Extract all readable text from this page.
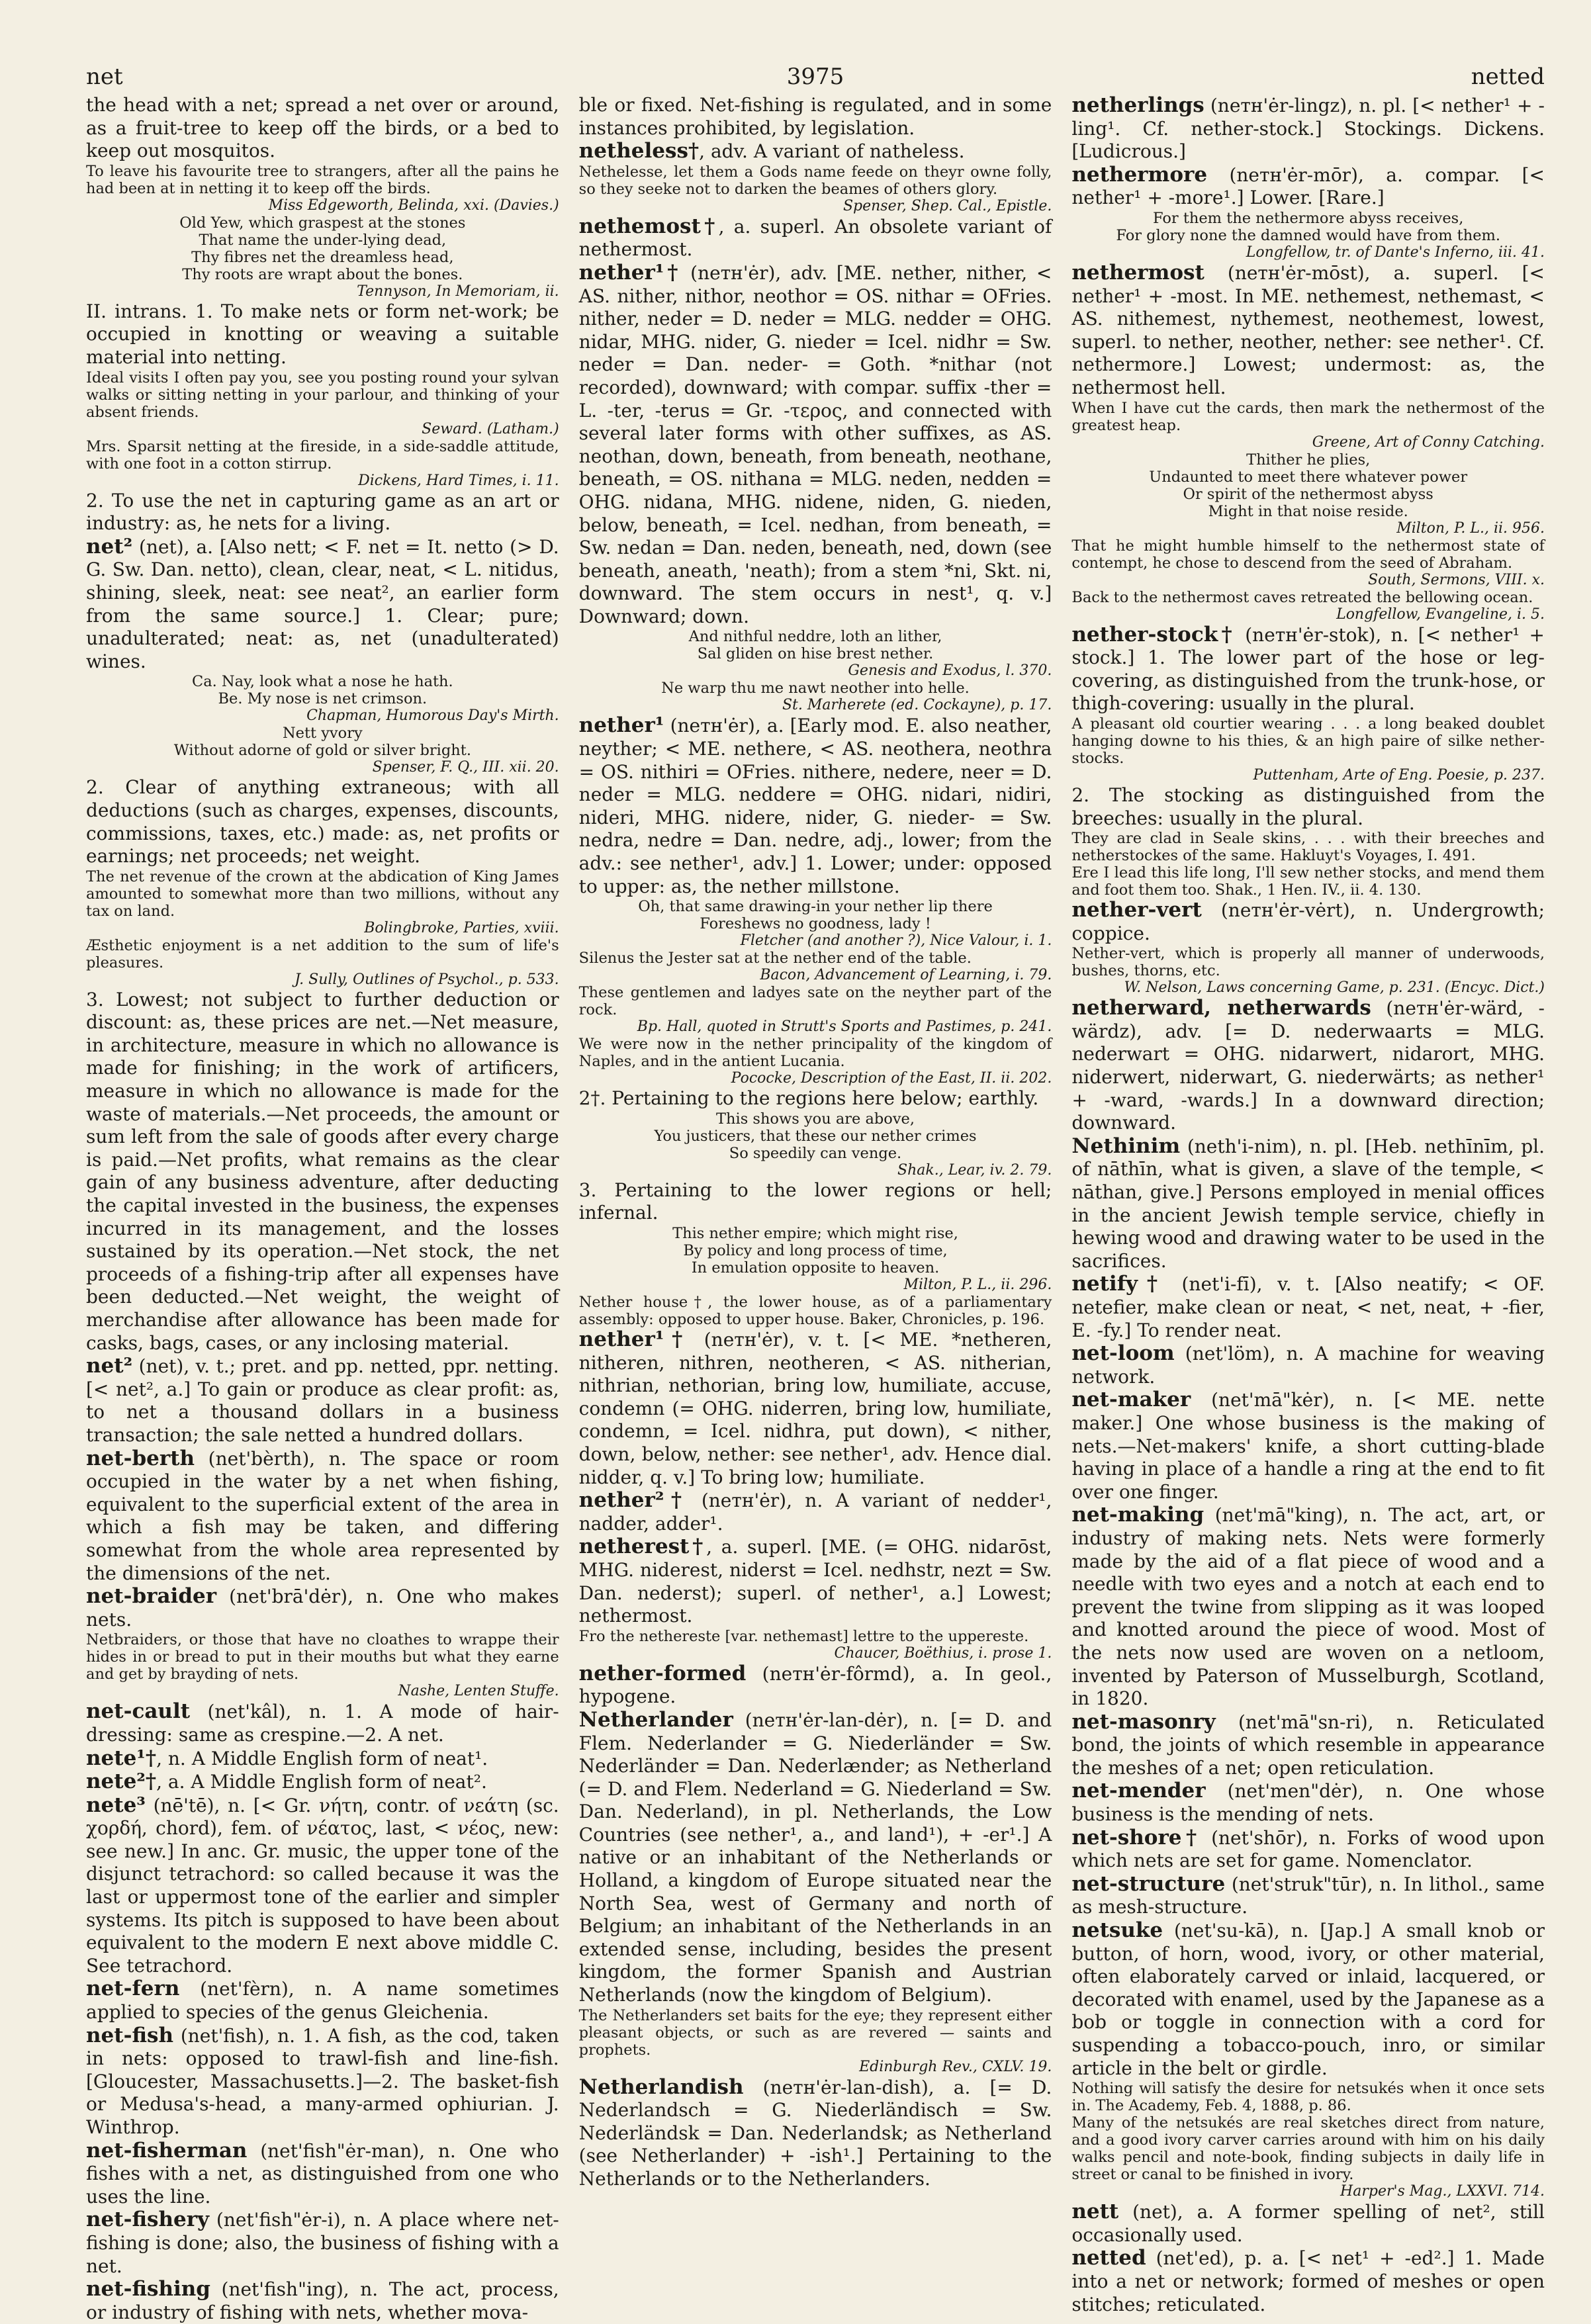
net	3975	netted

the head with a net; spread a net over or around, as a fruit-tree to keep off the birds, or a bed to keep out mosquitos.

To leave his favourite tree to strangers, after all the pains he had been at in netting it to keep off the birds.

Miss Edgeworth, Belinda, xxi. (Davies.)

Old Yew, which graspest at the stones

That name the under-lying dead,

Thy fibres net the dreamless head,

Thy roots are wrapt about the bones.

Tennyson, In Memoriam, ii.

II. intrans. 1. To make nets or form net-work; be occupied in knotting or weaving a suitable material into netting.

Ideal visits I often pay you, see you posting round your sylvan walks or sitting netting in your parlour, and thinking of your absent friends.

Seward. (Latham.)

Mrs. Sparsit netting at the fireside, in a side-saddle attitude, with one foot in a cotton stirrup.

Dickens, Hard Times, i. 11.

2. To use the net in capturing game as an art or industry: as, he nets for a living.

net² (net), a. [Also nett; < F. net = It. netto (> D. G. Sw. Dan. netto), clean, clear, neat, < L. nitidus, shining, sleek, neat: see neat², an earlier form from the same source.] 1. Clear; pure; unadulterated; neat: as, net (unadulterated) wines.

Ca. Nay, look what a nose he hath.

Be. My nose is net crimson.

Chapman, Humorous Day's Mirth.

Nett yvory

Without adorne of gold or silver bright.

Spenser, F. Q., III. xii. 20.

2. Clear of anything extraneous; with all deductions (such as charges, expenses, discounts, commissions, taxes, etc.) made: as, net profits or earnings; net proceeds; net weight.

The net revenue of the crown at the abdication of King James amounted to somewhat more than two millions, without any tax on land.

Bolingbroke, Parties, xviii.

Æsthetic enjoyment is a net addition to the sum of life's pleasures.

J. Sully, Outlines of Psychol., p. 533.

3. Lowest; not subject to further deduction or discount: as, these prices are net.—Net measure, in architecture, measure in which no allowance is made for finishing; in the work of artificers, measure in which no allowance is made for the waste of materials.—Net proceeds, the amount or sum left from the sale of goods after every charge is paid.—Net profits, what remains as the clear gain of any business adventure, after deducting the capital invested in the business, the expenses incurred in its management, and the losses sustained by its operation.—Net stock, the net proceeds of a fishing-trip after all expenses have been deducted.—Net weight, the weight of merchandise after allowance has been made for casks, bags, cases, or any inclosing material.

net² (net), v. t.; pret. and pp. netted, ppr. netting. [< net², a.] To gain or produce as clear profit: as, to net a thousand dollars in a business transaction; the sale netted a hundred dollars.

net-berth (net'bèrth), n. The space or room occupied in the water by a net when fishing, equivalent to the superficial extent of the area in which a fish may be taken, and differing somewhat from the whole area represented by the dimensions of the net.

net-braider (net'brā'dėr), n. One who makes nets.

Netbraiders, or those that have no cloathes to wrappe their hides in or bread to put in their mouths but what they earne and get by brayding of nets.

Nashe, Lenten Stuffe.

net-cault (net'kâl), n. 1. A mode of hair-dressing: same as crespine.—2. A net.

nete¹†, n. A Middle English form of neat¹.

nete²†, a. A Middle English form of neat².

nete³ (nē'tē), n. [< Gr. νήτη, contr. of νεάτη (sc. χορδή, chord), fem. of νέατος, last, < νέος, new: see new.] In anc. Gr. music, the upper tone of the disjunct tetrachord: so called because it was the last or uppermost tone of the earlier and simpler systems. Its pitch is supposed to have been about equivalent to the modern E next above middle C. See tetrachord.

net-fern (net'fèrn), n. A name sometimes applied to species of the genus Gleichenia.

net-fish (net'fish), n. 1. A fish, as the cod, taken in nets: opposed to trawl-fish and line-fish. [Gloucester, Massachusetts.]—2. The basket-fish or Medusa's-head, a many-armed ophiurian. J. Winthrop.

net-fisherman (net'fish"ėr-man), n. One who fishes with a net, as distinguished from one who uses the line.

net-fishery (net'fish"ėr-i), n. A place where net-fishing is done; also, the business of fishing with a net.

net-fishing (net'fish"ing), n. The act, process, or industry of fishing with nets, whether mova-

ble or fixed. Net-fishing is regulated, and in some instances prohibited, by legislation.

netheless†, adv. A variant of natheless.

Nethelesse, let them a Gods name feede on theyr owne folly, so they seeke not to darken the beames of others glory.

Spenser, Shep. Cal., Epistle.

nethemost†, a. superl. An obsolete variant of nethermost.

nether¹† (neᴛʜ'ėr), adv. [ME. nether, nither, < AS. nither, nithor, neothor = OS. nithar = OFries. nither, neder = D. neder = MLG. nedder = OHG. nidar, MHG. nider, G. nieder = Icel. nidhr = Sw. neder = Dan. neder- = Goth. *nithar (not recorded), downward; with compar. suffix -ther = L. -ter, -terus = Gr. -τερος, and connected with several later forms with other suffixes, as AS. neothan, down, beneath, from beneath, neothane, beneath, = OS. nithana = MLG. neden, nedden = OHG. nidana, MHG. nidene, niden, G. nieden, below, beneath, = Icel. nedhan, from beneath, = Sw. nedan = Dan. neden, beneath, ned, down (see beneath, aneath, 'neath); from a stem *ni, Skt. ni, downward. The stem occurs in nest¹, q. v.] Downward; down.

And nithful neddre, loth an lither,

Sal gliden on hise brest nether.

Genesis and Exodus, l. 370.

Ne warp thu me nawt neother into helle.

St. Marherete (ed. Cockayne), p. 17.

nether¹ (neᴛʜ'ėr), a. [Early mod. E. also neather, neyther; < ME. nethere, < AS. neothera, neothra = OS. nithiri = OFries. nithere, nedere, neer = D. neder = MLG. neddere = OHG. nidari, nidiri, nideri, MHG. nidere, nider, G. nieder- = Sw. nedra, nedre = Dan. nedre, adj., lower; from the adv.: see nether¹, adv.] 1. Lower; under: opposed to upper: as, the nether millstone.

Oh, that same drawing-in your nether lip there

Foreshews no goodness, lady !

Fletcher (and another ?), Nice Valour, i. 1.

Silenus the Jester sat at the nether end of the table.

Bacon, Advancement of Learning, i. 79.

These gentlemen and ladyes sate on the neyther part of the rock.

Bp. Hall, quoted in Strutt's Sports and Pastimes, p. 241.

We were now in the nether principality of the kingdom of Naples, and in the antient Lucania.

Pococke, Description of the East, II. ii. 202.

2†. Pertaining to the regions here below; earthly.

This shows you are above,

You justicers, that these our nether crimes

So speedily can venge.

Shak., Lear, iv. 2. 79.

3. Pertaining to the lower regions or hell; infernal.

This nether empire; which might rise,

By policy and long process of time,

In emulation opposite to heaven.

Milton, P. L., ii. 296.

Nether house†, the lower house, as of a parliamentary assembly: opposed to upper house. Baker, Chronicles, p. 196.

nether¹† (neᴛʜ'ėr), v. t. [< ME. *netheren, nitheren, nithren, neotheren, < AS. nitherian, nithrian, nethorian, bring low, humiliate, accuse, condemn (= OHG. niderren, bring low, humiliate, condemn, = Icel. nidhra, put down), < nither, down, below, nether: see nether¹, adv. Hence dial. nidder, q. v.] To bring low; humiliate.

nether²† (neᴛʜ'ėr), n. A variant of nedder¹, nadder, adder¹.

netherest†, a. superl. [ME. (= OHG. nidarōst, MHG. niderest, niderst = Icel. nedhstr, nezt = Sw. Dan. nederst); superl. of nether¹, a.] Lowest; nethermost.

Fro the nethereste [var. nethemast] lettre to the uppereste.

Chaucer, Boëthius, i. prose 1.

nether-formed (neᴛʜ'ėr-fôrmd), a. In geol., hypogene.

Netherlander (neᴛʜ'ėr-lan-dėr), n. [= D. and Flem. Nederlander = G. Niederländer = Sw. Nederländer = Dan. Nederlænder; as Netherland (= D. and Flem. Nederland = G. Niederland = Sw. Dan. Nederland), in pl. Netherlands, the Low Countries (see nether¹, a., and land¹), + -er¹.] A native or an inhabitant of the Netherlands or Holland, a kingdom of Europe situated near the North Sea, west of Germany and north of Belgium; an inhabitant of the Netherlands in an extended sense, including, besides the present kingdom, the former Spanish and Austrian Netherlands (now the kingdom of Belgium).

The Netherlanders set baits for the eye; they represent either pleasant objects, or such as are revered — saints and prophets.

Edinburgh Rev., CXLV. 19.

Netherlandish (neᴛʜ'ėr-lan-dish), a. [= D. Nederlandsch = G. Niederländisch = Sw. Nederländsk = Dan. Nederlandsk; as Netherland (see Netherlander) + -ish¹.] Pertaining to the Netherlands or to the Netherlanders.

netherlings (neᴛʜ'ėr-lingz), n. pl. [< nether¹ + -ling¹. Cf. nether-stock.] Stockings. Dickens. [Ludicrous.]

nethermore (neᴛʜ'ėr-mōr), a. compar. [< nether¹ + -more¹.] Lower. [Rare.]

For them the nethermore abyss receives,

For glory none the damned would have from them.

Longfellow, tr. of Dante's Inferno, iii. 41.

nethermost (neᴛʜ'ėr-mōst), a. superl. [< nether¹ + -most. In ME. nethemest, nethemast, < AS. nithemest, nythemest, neothemest, lowest, superl. to nether, neother, nether: see nether¹. Cf. nethermore.] Lowest; undermost: as, the nethermost hell.

When I have cut the cards, then mark the nethermost of the greatest heap.

Greene, Art of Conny Catching.

Thither he plies,

Undaunted to meet there whatever power

Or spirit of the nethermost abyss

Might in that noise reside.

Milton, P. L., ii. 956.

That he might humble himself to the nethermost state of contempt, he chose to descend from the seed of Abraham.

South, Sermons, VIII. x.

Back to the nethermost caves retreated the bellowing ocean.

Longfellow, Evangeline, i. 5.

nether-stock† (neᴛʜ'ėr-stok), n. [< nether¹ + stock.] 1. The lower part of the hose or leg-covering, as distinguished from the trunk-hose, or thigh-covering: usually in the plural.

A pleasant old courtier wearing . . . a long beaked doublet hanging downe to his thies, & an high paire of silke nether-stocks.

Puttenham, Arte of Eng. Poesie, p. 237.

2. The stocking as distinguished from the breeches: usually in the plural.

They are clad in Seale skins, . . . with their breeches and netherstockes of the same. Hakluyt's Voyages, I. 491.

Ere I lead this life long, I'll sew nether stocks, and mend them and foot them too. Shak., 1 Hen. IV., ii. 4. 130.

nether-vert (neᴛʜ'ėr-vėrt), n. Undergrowth; coppice.

Nether-vert, which is properly all manner of underwoods, bushes, thorns, etc.

W. Nelson, Laws concerning Game, p. 231. (Encyc. Dict.)

netherward, netherwards (neᴛʜ'ėr-wärd, -wärdz), adv. [= D. nederwaarts = MLG. nederwart = OHG. nidarwert, nidarort, MHG. niderwert, niderwart, G. niederwärts; as nether¹ + -ward, -wards.] In a downward direction; downward.

Nethinim (neth'i-nim), n. pl. [Heb. nethīnīm, pl. of nāthīn, what is given, a slave of the temple, < nāthan, give.] Persons employed in menial offices in the ancient Jewish temple service, chiefly in hewing wood and drawing water to be used in the sacrifices.

netify† (net'i-fī), v. t. [Also neatify; < OF. netefier, make clean or neat, < net, neat, + -fier, E. -fy.] To render neat.

net-loom (net'löm), n. A machine for weaving network.

net-maker (net'mā"kėr), n. [< ME. nette maker.] One whose business is the making of nets.—Net-makers' knife, a short cutting-blade having in place of a handle a ring at the end to fit over one finger.

net-making (net'mā"king), n. The act, art, or industry of making nets. Nets were formerly made by the aid of a flat piece of wood and a needle with two eyes and a notch at each end to prevent the twine from slipping as it was looped and knotted around the piece of wood. Most of the nets now used are woven on a netloom, invented by Paterson of Musselburgh, Scotland, in 1820.

net-masonry (net'mā"sn-ri), n. Reticulated bond, the joints of which resemble in appearance the meshes of a net; open reticulation.

net-mender (net'men"dėr), n. One whose business is the mending of nets.

net-shore† (net'shōr), n. Forks of wood upon which nets are set for game. Nomenclator.

net-structure (net'struk"tūr), n. In lithol., same as mesh-structure.

netsuke (net'su-kā), n. [Jap.] A small knob or button, of horn, wood, ivory, or other material, often elaborately carved or inlaid, lacquered, or decorated with enamel, used by the Japanese as a bob or toggle in connection with a cord for suspending a tobacco-pouch, inro, or similar article in the belt or girdle.

Nothing will satisfy the desire for netsukés when it once sets in. The Academy, Feb. 4, 1888, p. 86.

Many of the netsukés are real sketches direct from nature, and a good ivory carver carries around with him on his daily walks pencil and note-book, finding subjects in daily life in street or canal to be finished in ivory.

Harper's Mag., LXXVI. 714.

nett (net), a. A former spelling of net², still occasionally used.

netted (net'ed), p. a. [< net¹ + -ed².] 1. Made into a net or network; formed of meshes or open stitches; reticulated.
